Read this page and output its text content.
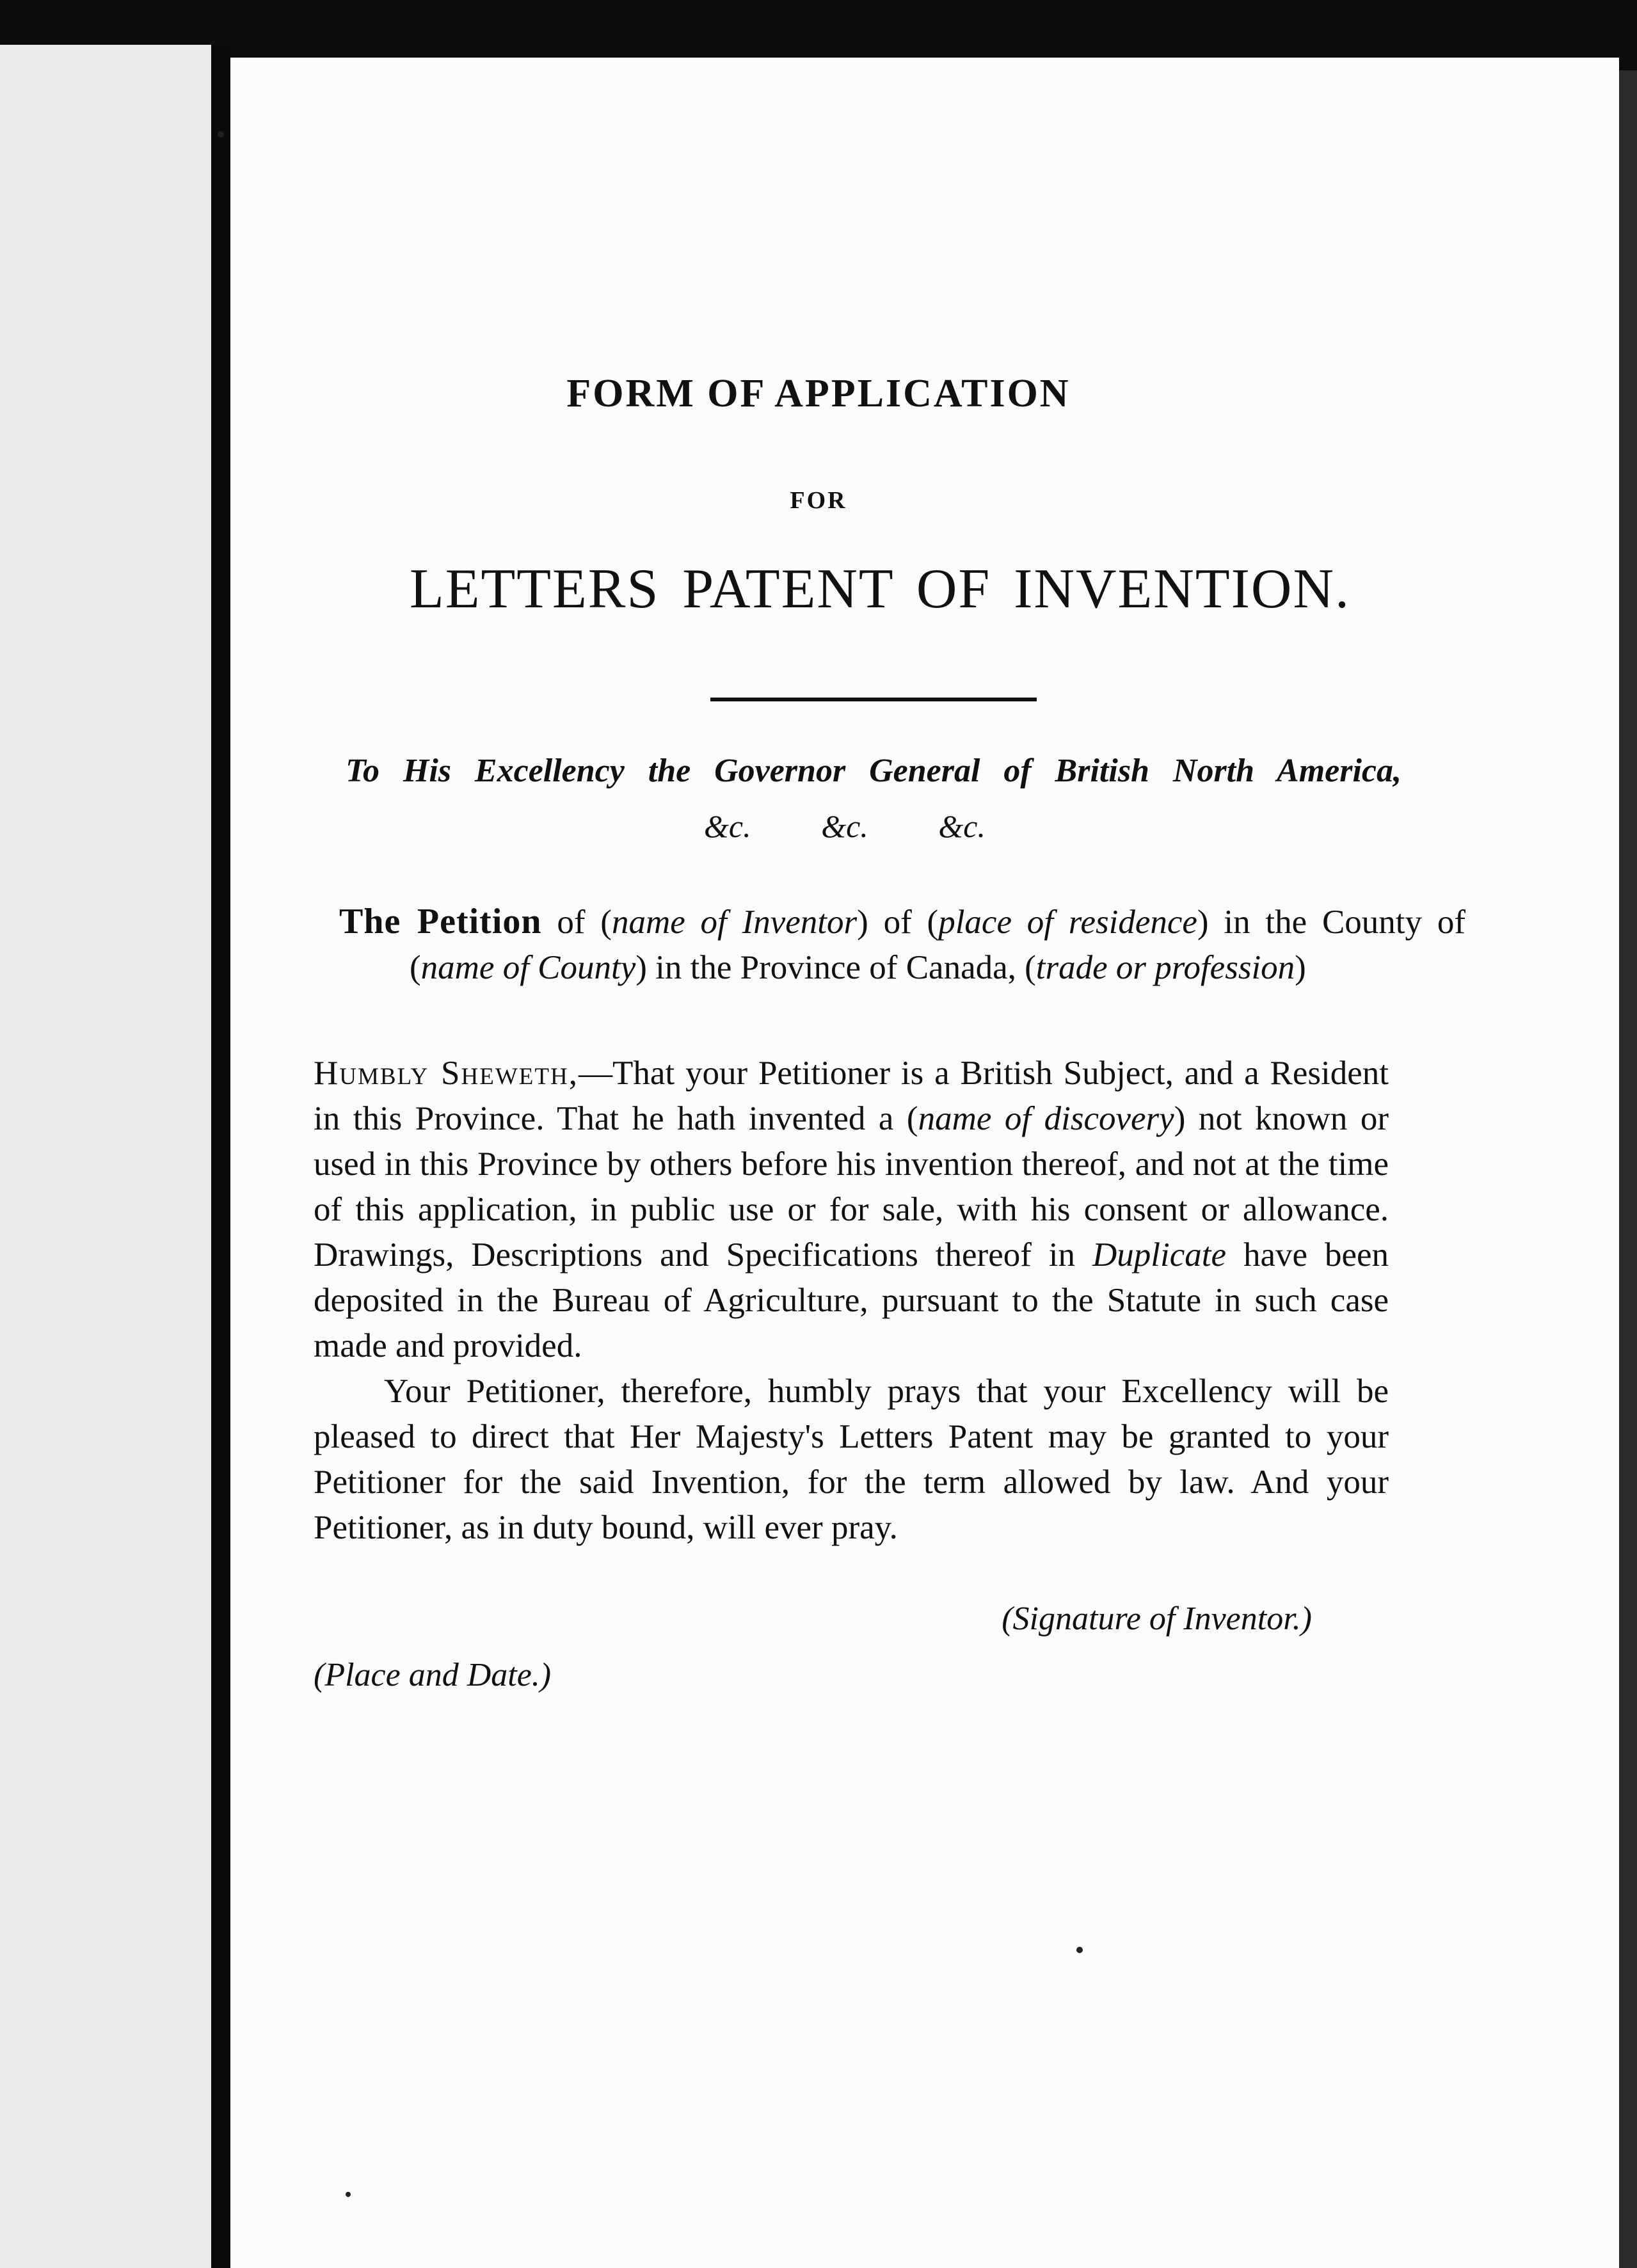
FORM OF APPLICATION
FOR
LETTERS PATENT OF INVENTION.
To His Excellency the Governor General of British North America,
&c. &c. &c.
The Petition of (name of Inventor) of (place of residence) in the County of (name of County) in the Province of Canada, (trade or profession)

Humbly Sheweth,—That your Petitioner is a British Subject, and a Resident in this Province. That he hath invented a (name of discovery) not known or used in this Province by others before his invention thereof, and not at the time of this application, in public use or for sale, with his consent or allowance. Drawings, Descriptions and Specifications thereof in Duplicate have been deposited in the Bureau of Agriculture, pursuant to the Statute in such case made and provided.

Your Petitioner, therefore, humbly prays that your Excellency will be pleased to direct that Her Majesty's Letters Patent may be granted to your Petitioner for the said Invention, for the term allowed by law. And your Petitioner, as in duty bound, will ever pray.

(Signature of Inventor.)
(Place and Date.)
